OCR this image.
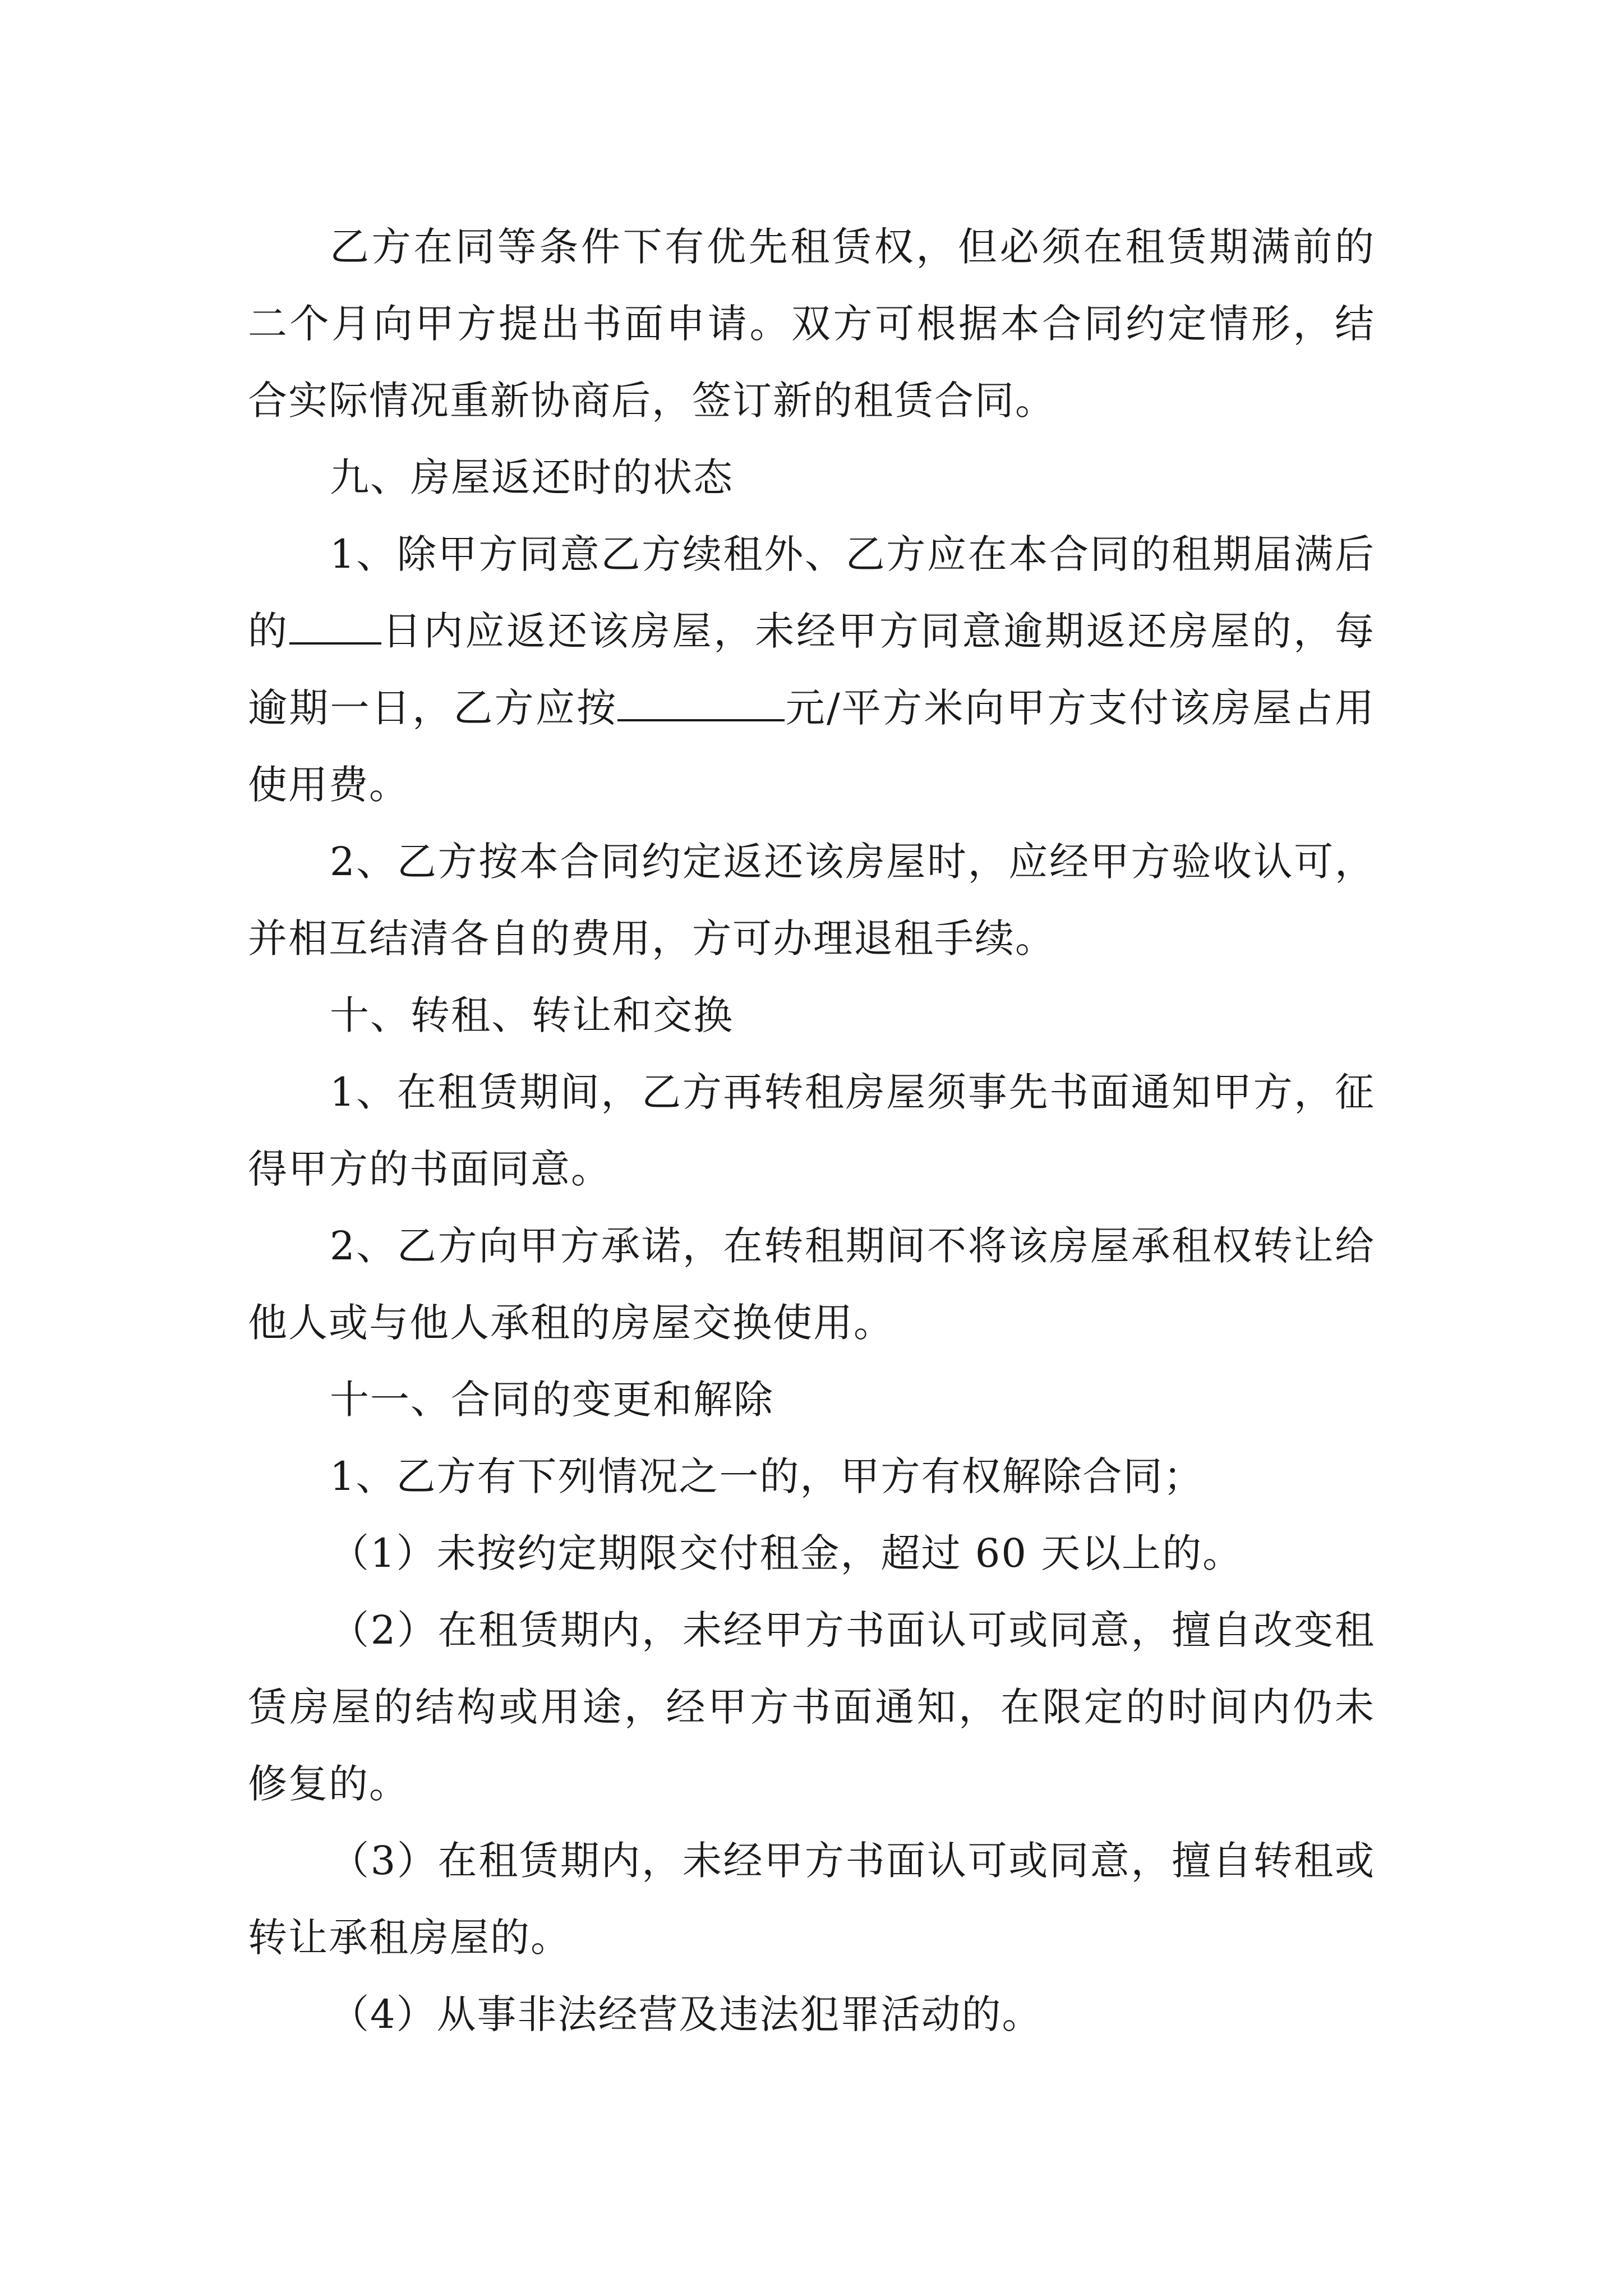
乙方在同等条件下有优先租赁权，但必须在租赁期满前的二个月向甲方提出书面申请。双方可根据本合同约定情形，结合实际情况重新协商后，签订新的租赁合同。

九、房屋返还时的状态

1、除甲方同意乙方续租外、乙方应在本合同的租期届满后的 日内应返还该房屋，未经甲方同意逾期返还房屋的，每逾期一日，乙方应按	元/平方米向甲方支付该房屋占用使用费。

2、乙方按本合同约定返还该房屋时，应经甲方验收认可，并相互结清各自的费用，方可办理退租手续。

十、转租、转让和交换

1、在租赁期间，乙方再转租房屋须事先书面通知甲方，征得甲方的书面同意。

2、乙方向甲方承诺，在转租期间不将该房屋承租权转让给他人或与他人承租的房屋交换使用。

十一、合同的变更和解除

1、乙方有下列情况之一的，甲方有权解除合同；

（1）未按约定期限交付租金，超过 60 天以上的。

（2）在租赁期内，未经甲方书面认可或同意，擅自改变租赁房屋的结构或用途，经甲方书面通知，在限定的时间内仍未修复的。

（3）在租赁期内，未经甲方书面认可或同意，擅自转租或转让承租房屋的。

（4）从事非法经营及违法犯罪活动的。
